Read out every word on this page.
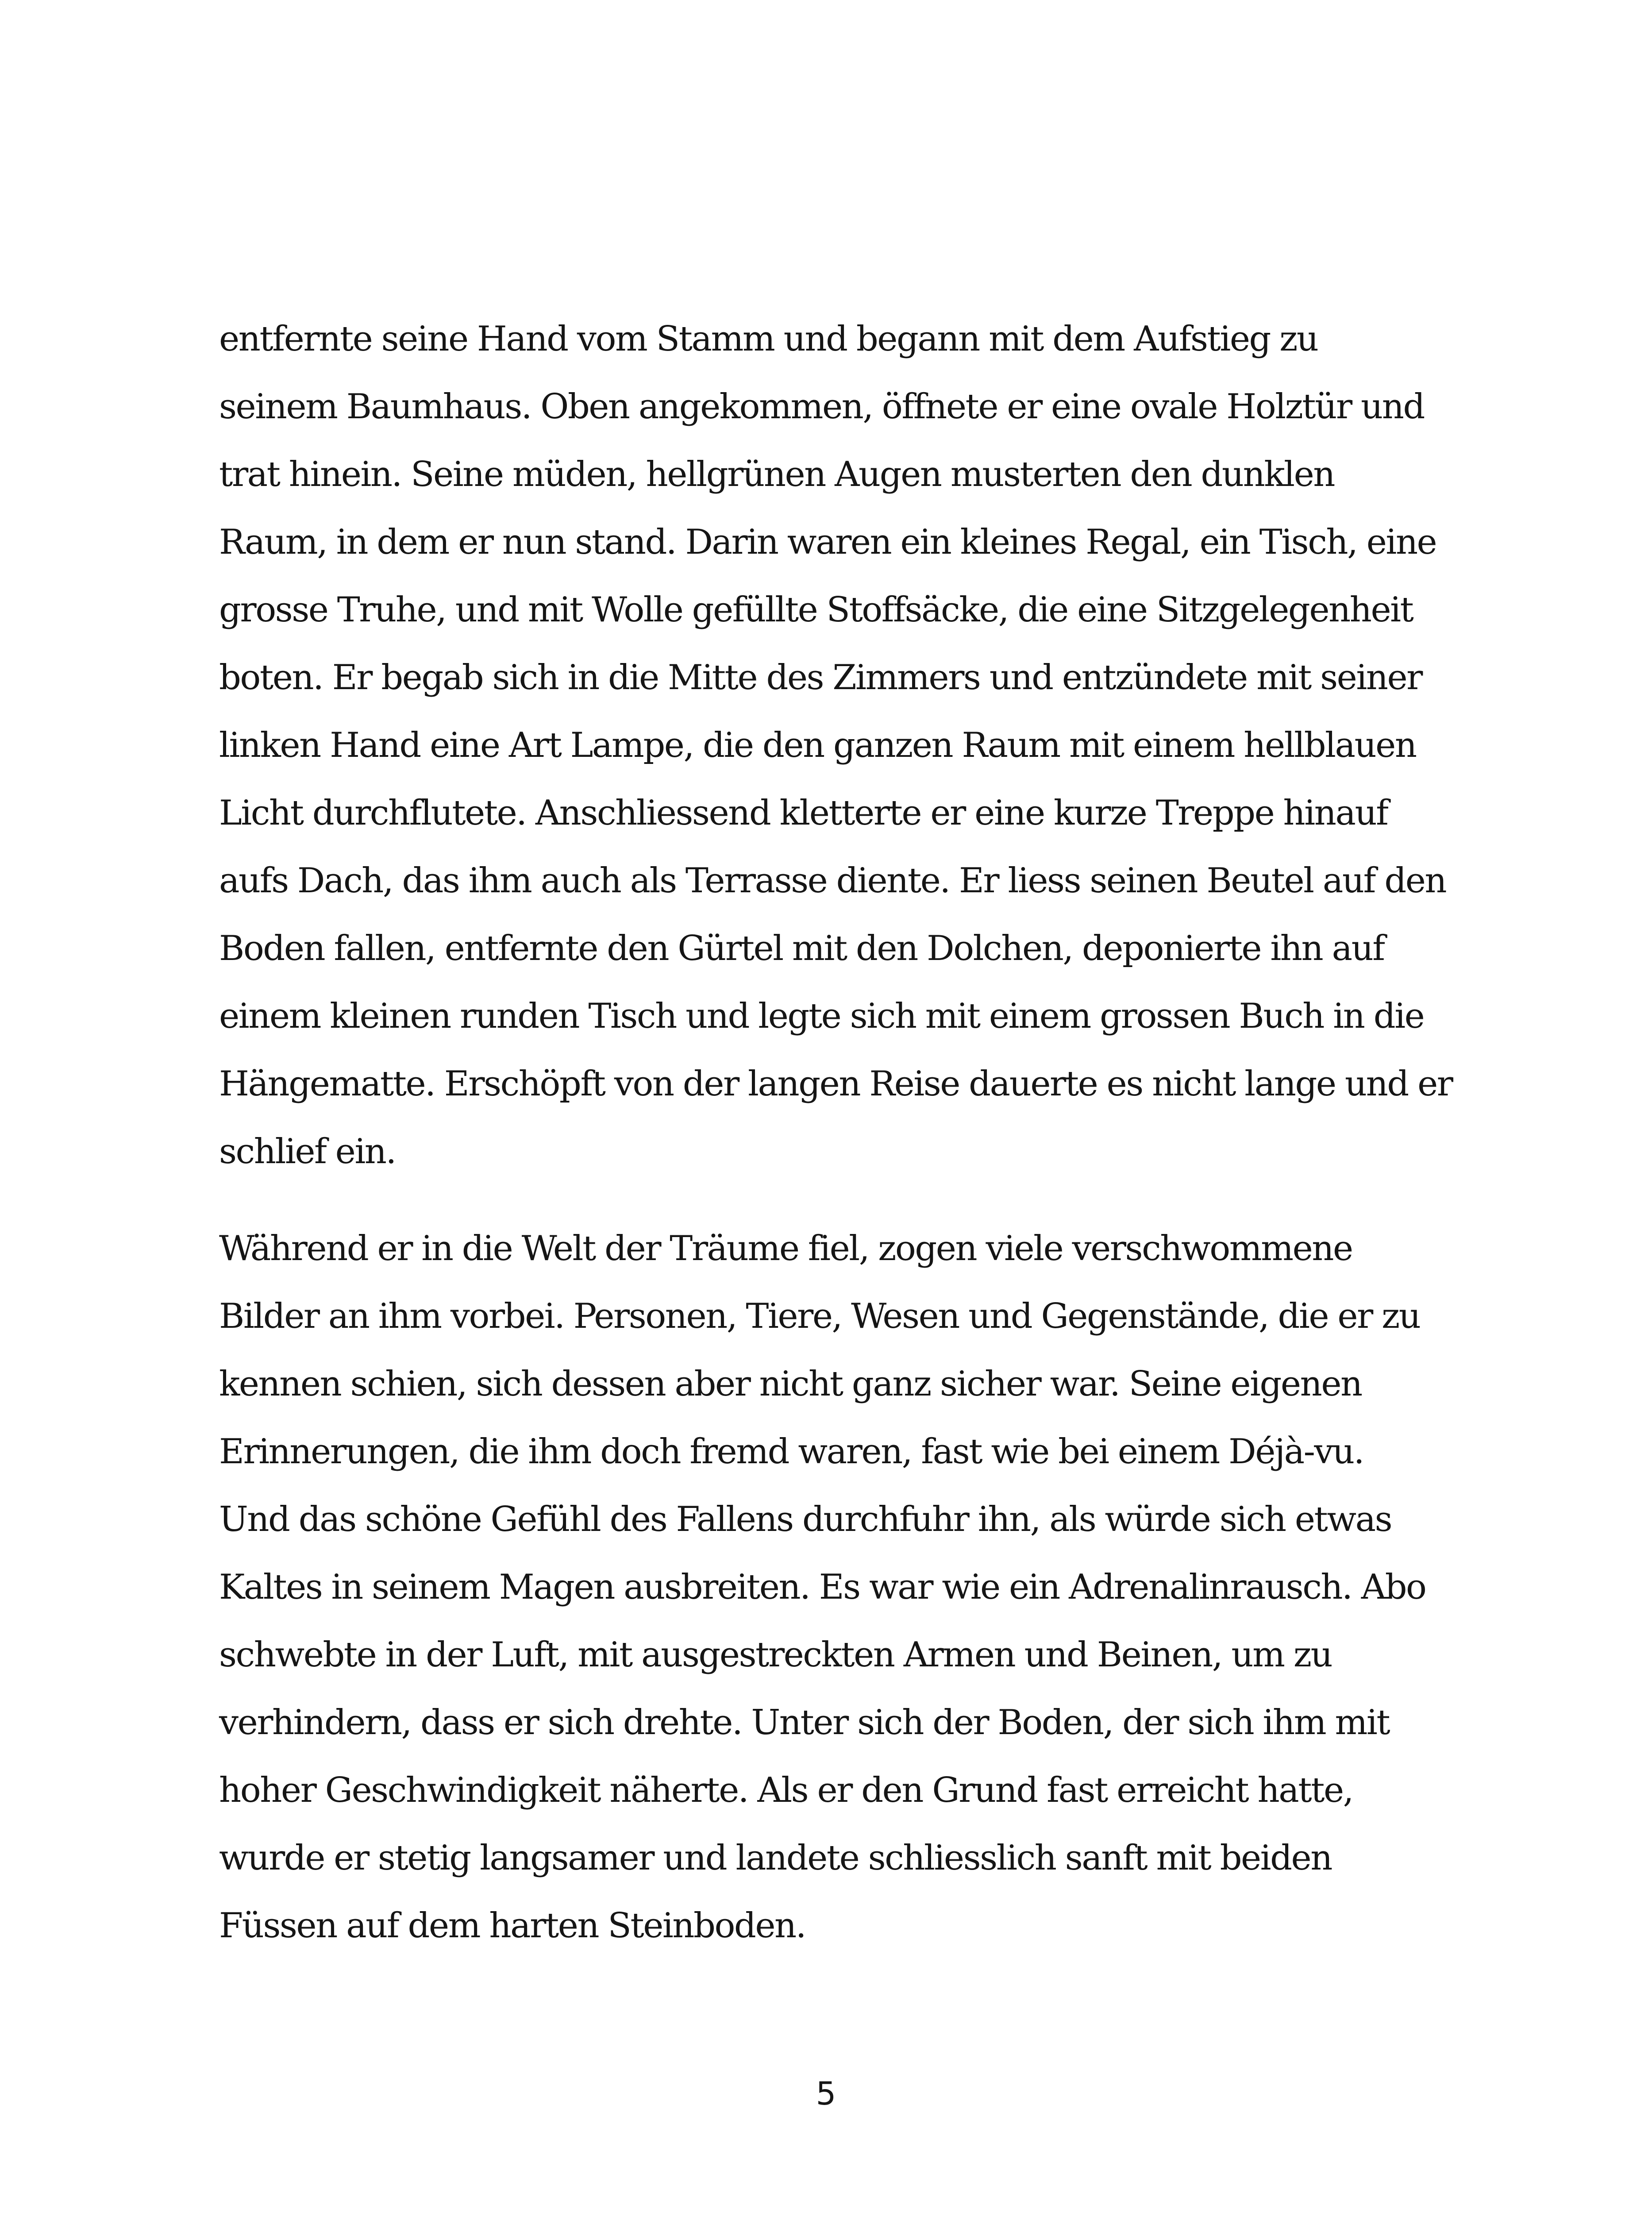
entfernte seine Hand vom Stamm und begann mit dem Aufstieg zu
seinem Baumhaus. Oben angekommen, öffnete er eine ovale Holztür und
trat hinein. Seine müden, hellgrünen Augen musterten den dunklen
Raum, in dem er nun stand. Darin waren ein kleines Regal, ein Tisch, eine
grosse Truhe, und mit Wolle gefüllte Stoffsäcke, die eine Sitzgelegenheit
boten. Er begab sich in die Mitte des Zimmers und entzündete mit seiner
linken Hand eine Art Lampe, die den ganzen Raum mit einem hellblauen
Licht durchflutete. Anschliessend kletterte er eine kurze Treppe hinauf
aufs Dach, das ihm auch als Terrasse diente. Er liess seinen Beutel auf den
Boden fallen, entfernte den Gürtel mit den Dolchen, deponierte ihn auf
einem kleinen runden Tisch und legte sich mit einem grossen Buch in die
Hängematte. Erschöpft von der langen Reise dauerte es nicht lange und er
schlief ein.
Während er in die Welt der Träume fiel, zogen viele verschwommene
Bilder an ihm vorbei. Personen, Tiere, Wesen und Gegenstände, die er zu
kennen schien, sich dessen aber nicht ganz sicher war. Seine eigenen
Erinnerungen, die ihm doch fremd waren, fast wie bei einem Déjà-vu.
Und das schöne Gefühl des Fallens durchfuhr ihn, als würde sich etwas
Kaltes in seinem Magen ausbreiten. Es war wie ein Adrenalinrausch. Abo
schwebte in der Luft, mit ausgestreckten Armen und Beinen, um zu
verhindern, dass er sich drehte. Unter sich der Boden, der sich ihm mit
hoher Geschwindigkeit näherte. Als er den Grund fast erreicht hatte,
wurde er stetig langsamer und landete schliesslich sanft mit beiden
Füssen auf dem harten Steinboden.
5
